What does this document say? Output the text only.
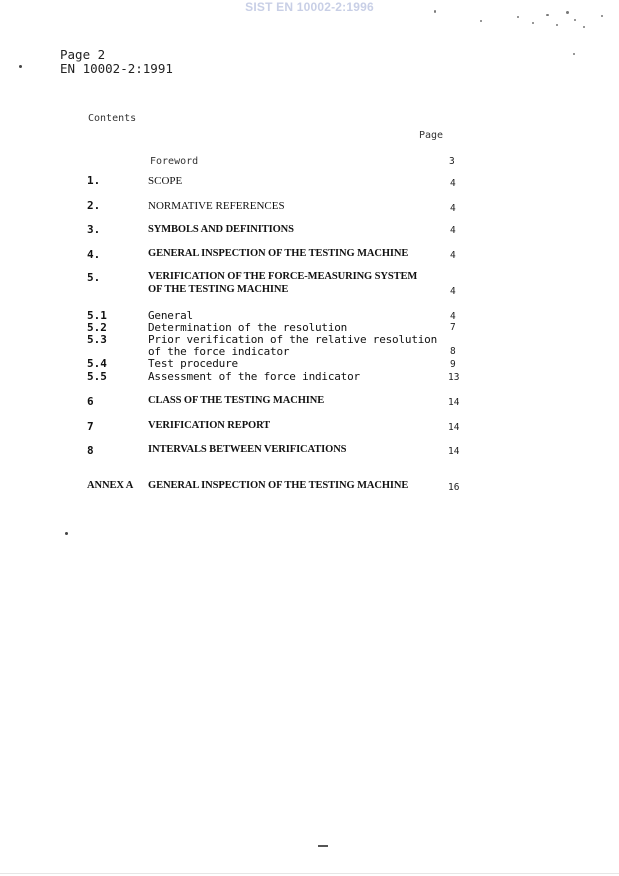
SIST EN 10002-2:1996
Page 2
EN 10002-2:1991
Contents
Page
Foreword	3
1.	SCOPE	4
2.	NORMATIVE REFERENCES	4
3.	SYMBOLS AND DEFINITIONS	4
4.	GENERAL INSPECTION OF THE TESTING MACHINE	4
5.	VERIFICATION OF THE FORCE-MEASURING SYSTEM
OF THE TESTING MACHINE	4
5.1	General	4
5.2	Determination of the resolution	7
5.3	Prior verification of the relative resolution
of the force indicator	8
5.4	Test procedure	9
5.5	Assessment of the force indicator	13
6	CLASS OF THE TESTING MACHINE	14
7	VERIFICATION REPORT	14
8	INTERVALS BETWEEN VERIFICATIONS	14
ANNEX A GENERAL INSPECTION OF THE TESTING MACHINE	16
